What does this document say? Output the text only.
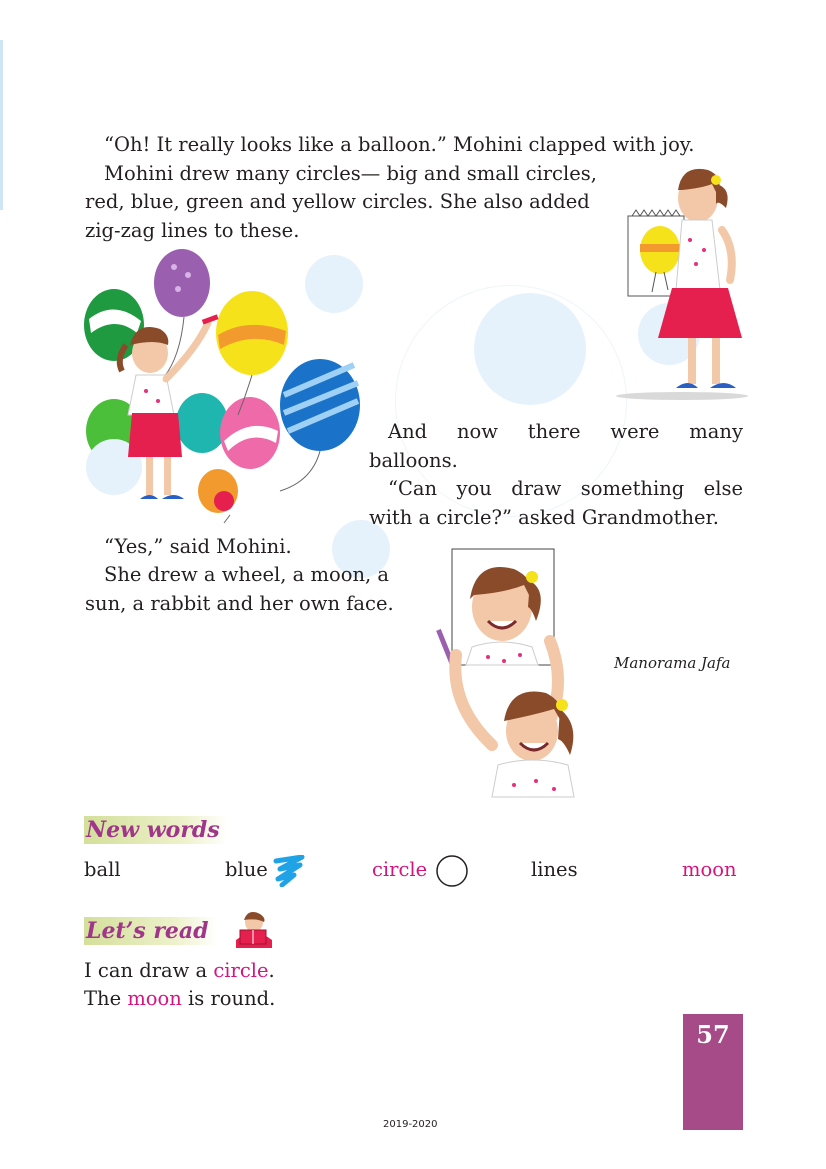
“Oh! It really looks like a balloon.” Mohini clapped with joy.
Mohini drew many circles— big and small circles,
red, blue, green and yellow circles. She also added
zig-zag lines to these.
And now there were many
balloons.
“Can you draw something else
with a circle?” asked Grandmother.
“Yes,” said Mohini.
She drew a wheel, a moon, a
sun, a rabbit and her own face.
Manorama Jafa
New words
ball	blue	circle	lines	moon
Let’s read
I can draw a circle.
The moon is round.
57
2019-2020
